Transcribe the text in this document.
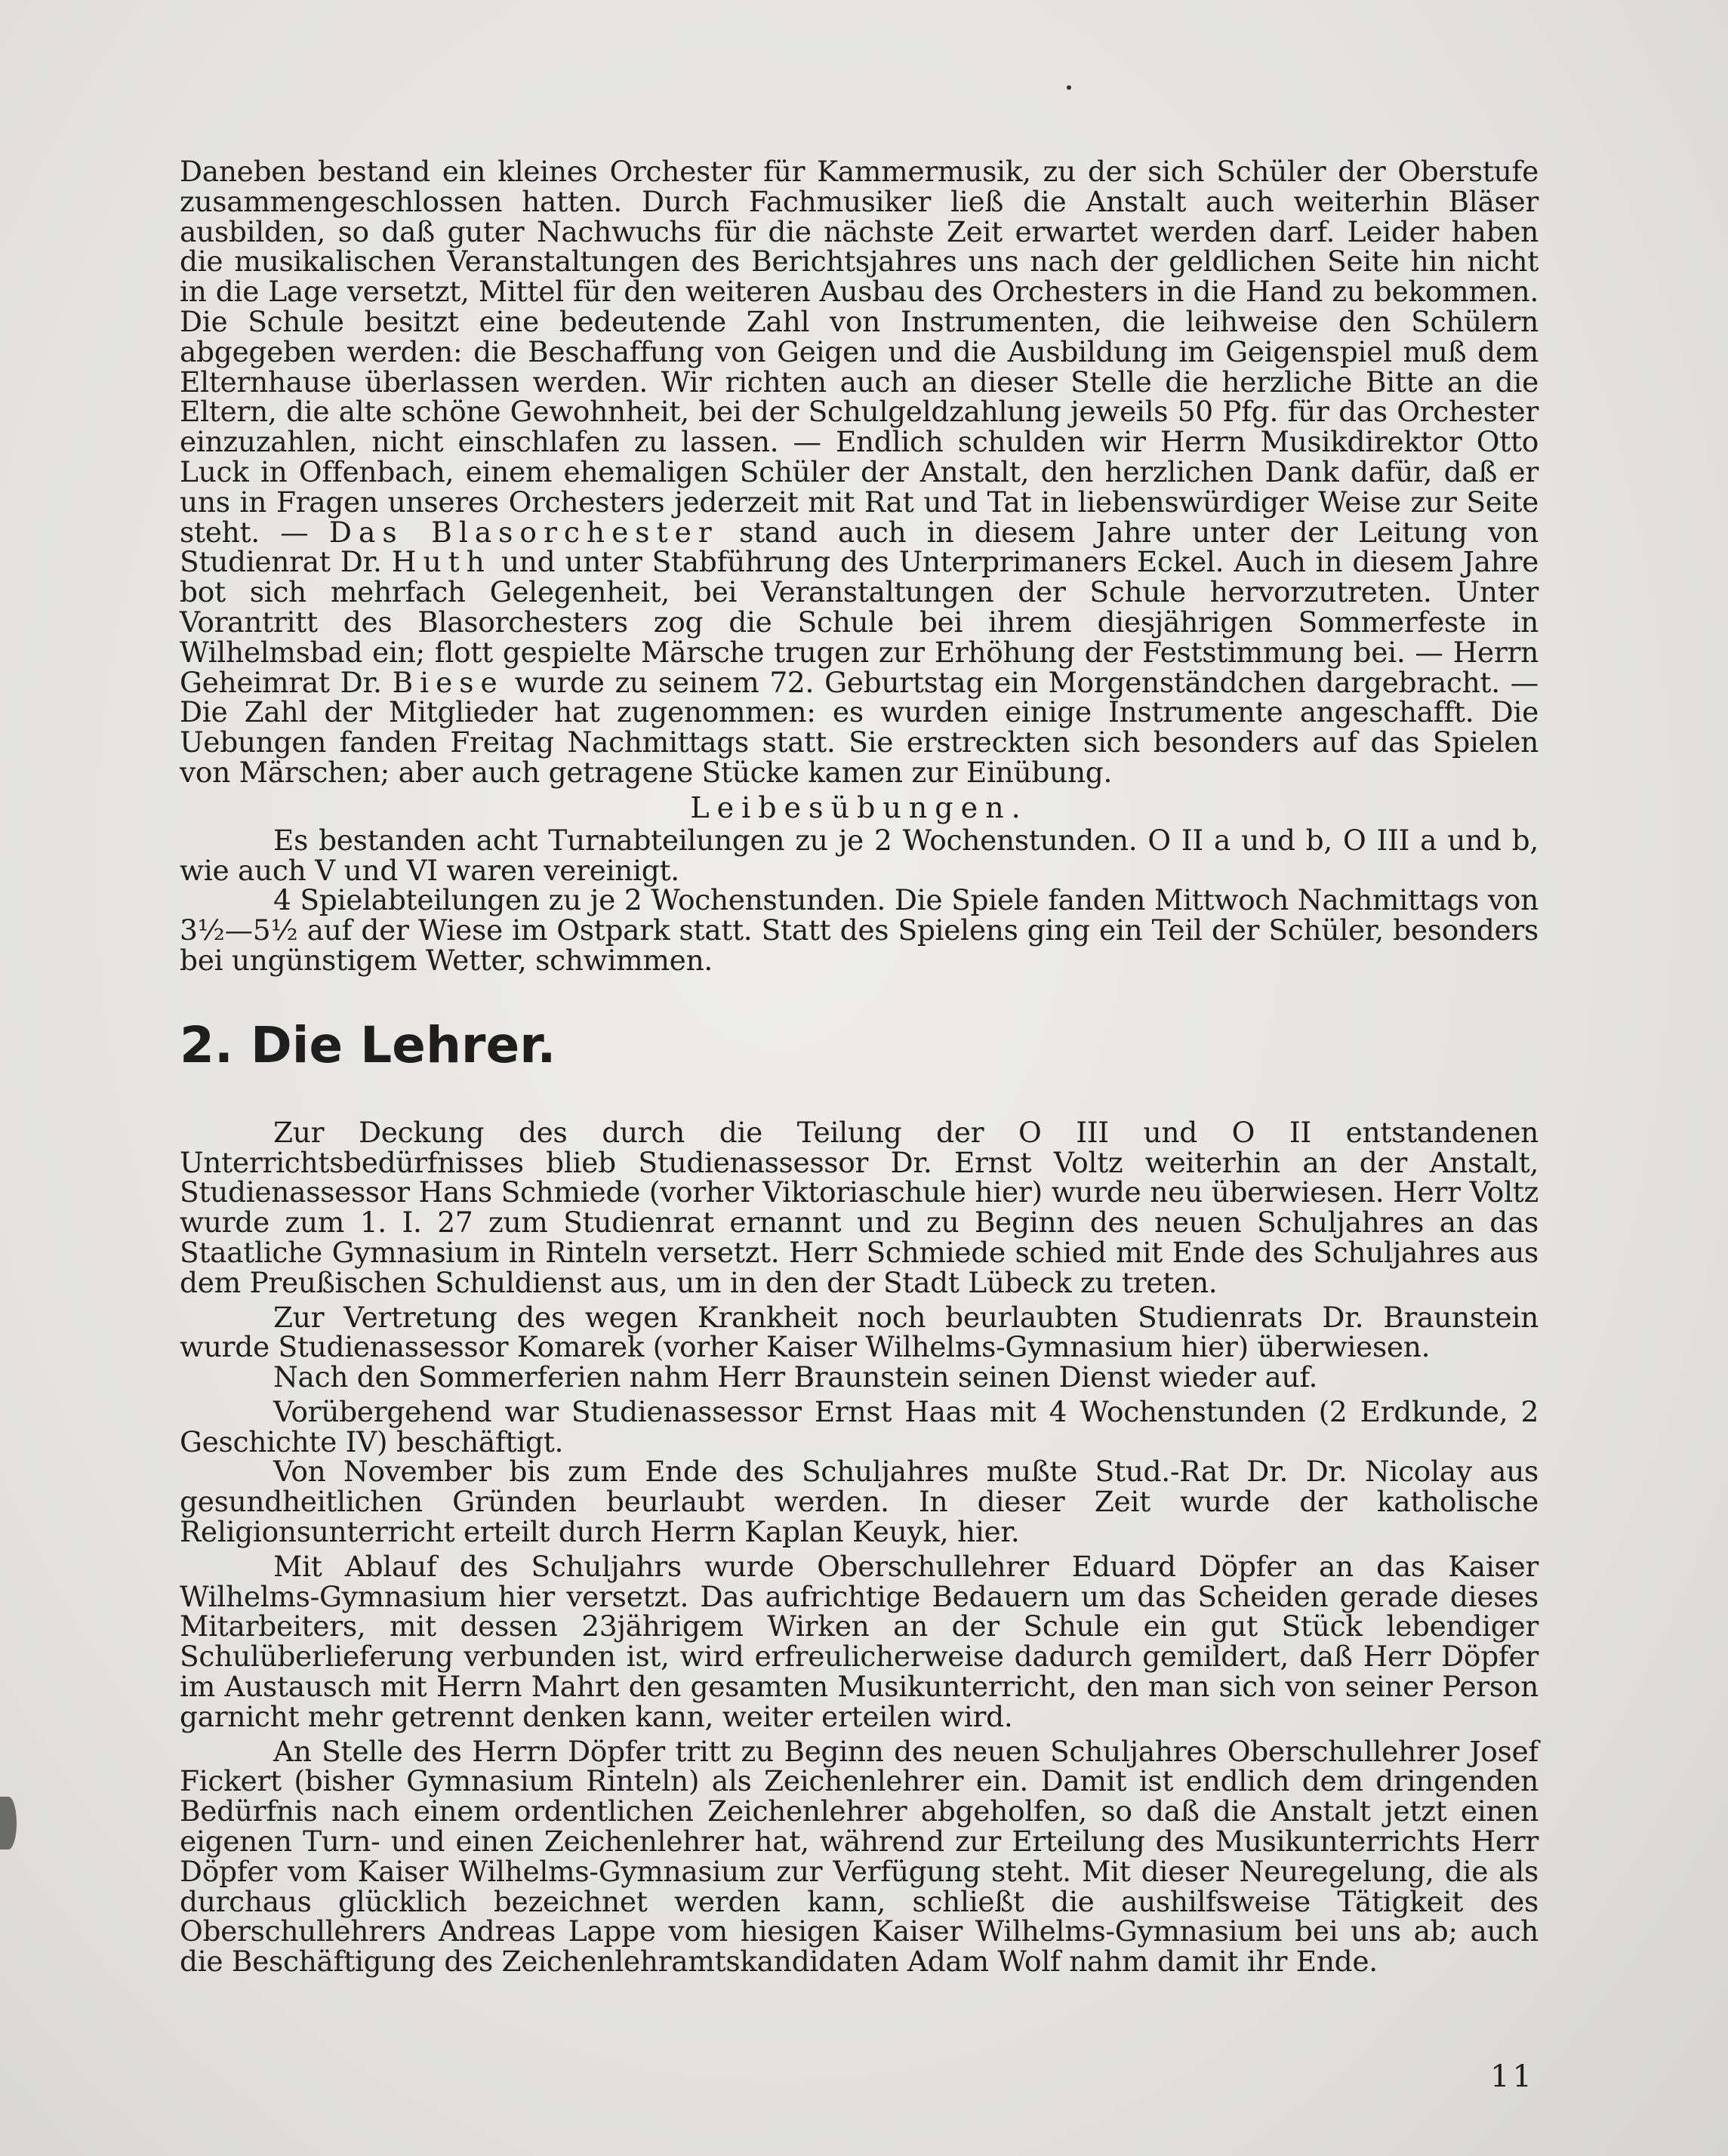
Daneben bestand ein kleines Orchester für Kammermusik, zu der sich Schüler der Oberstufe zusammengeschlossen hatten. Durch Fachmusiker ließ die Anstalt auch weiterhin Bläser ausbilden, so daß guter Nachwuchs für die nächste Zeit erwartet werden darf. Leider haben die musikalischen Veranstaltungen des Berichtsjahres uns nach der geldlichen Seite hin nicht in die Lage versetzt, Mittel für den weiteren Ausbau des Orchesters in die Hand zu bekommen. Die Schule besitzt eine bedeutende Zahl von Instrumenten, die leihweise den Schülern abgegeben werden: die Beschaffung von Geigen und die Ausbildung im Geigenspiel muß dem Elternhause überlassen werden. Wir richten auch an dieser Stelle die herzliche Bitte an die Eltern, die alte schöne Gewohnheit, bei der Schulgeldzahlung jeweils 50 Pfg. für das Orchester einzuzahlen, nicht einschlafen zu lassen. — Endlich schulden wir Herrn Musikdirektor Otto Luck in Offenbach, einem ehemaligen Schüler der Anstalt, den herzlichen Dank dafür, daß er uns in Fragen unseres Orchesters jederzeit mit Rat und Tat in liebenswürdiger Weise zur Seite steht. — Das Blasorchester stand auch in diesem Jahre unter der Leitung von Studienrat Dr. Huth und unter Stabführung des Unterprimaners Eckel. Auch in diesem Jahre bot sich mehrfach Gelegenheit, bei Veranstaltungen der Schule hervorzutreten. Unter Vorantritt des Blasorchesters zog die Schule bei ihrem diesjährigen Sommerfeste in Wilhelmsbad ein; flott gespielte Märsche trugen zur Erhöhung der Feststimmung bei. — Herrn Geheimrat Dr. Biese wurde zu seinem 72. Geburtstag ein Morgenständchen dargebracht. — Die Zahl der Mitglieder hat zugenommen: es wurden einige Instrumente angeschafft. Die Uebungen fanden Freitag Nachmittags statt. Sie erstreckten sich besonders auf das Spielen von Märschen; aber auch getragene Stücke kamen zur Einübung.

Leibesübungen.

Es bestanden acht Turnabteilungen zu je 2 Wochenstunden. O II a und b, O III a und b, wie auch V und VI waren vereinigt.

4 Spielabteilungen zu je 2 Wochenstunden. Die Spiele fanden Mittwoch Nachmittags von 3½—5½ auf der Wiese im Ostpark statt. Statt des Spielens ging ein Teil der Schüler, besonders bei ungünstigem Wetter, schwimmen.

2. Die Lehrer.

Zur Deckung des durch die Teilung der O III und O II entstandenen Unterrichtsbedürfnisses blieb Studienassessor Dr. Ernst Voltz weiterhin an der Anstalt, Studienassessor Hans Schmiede (vorher Viktoriaschule hier) wurde neu überwiesen. Herr Voltz wurde zum 1. I. 27 zum Studienrat ernannt und zu Beginn des neuen Schuljahres an das Staatliche Gymnasium in Rinteln versetzt. Herr Schmiede schied mit Ende des Schuljahres aus dem Preußischen Schuldienst aus, um in den der Stadt Lübeck zu treten.

Zur Vertretung des wegen Krankheit noch beurlaubten Studienrats Dr. Braunstein wurde Studienassessor Komarek (vorher Kaiser Wilhelms-Gymnasium hier) überwiesen.

Nach den Sommerferien nahm Herr Braunstein seinen Dienst wieder auf.

Vorübergehend war Studienassessor Ernst Haas mit 4 Wochenstunden (2 Erdkunde, 2 Geschichte IV) beschäftigt.

Von November bis zum Ende des Schuljahres mußte Stud.-Rat Dr. Dr. Nicolay aus gesundheitlichen Gründen beurlaubt werden. In dieser Zeit wurde der katholische Religionsunterricht erteilt durch Herrn Kaplan Keuyk, hier.

Mit Ablauf des Schuljahrs wurde Oberschullehrer Eduard Döpfer an das Kaiser Wilhelms-Gymnasium hier versetzt. Das aufrichtige Bedauern um das Scheiden gerade dieses Mitarbeiters, mit dessen 23jährigem Wirken an der Schule ein gut Stück lebendiger Schulüberlieferung verbunden ist, wird erfreulicherweise dadurch gemildert, daß Herr Döpfer im Austausch mit Herrn Mahrt den gesamten Musikunterricht, den man sich von seiner Person garnicht mehr getrennt denken kann, weiter erteilen wird.

An Stelle des Herrn Döpfer tritt zu Beginn des neuen Schuljahres Oberschullehrer Josef Fickert (bisher Gymnasium Rinteln) als Zeichenlehrer ein. Damit ist endlich dem dringenden Bedürfnis nach einem ordentlichen Zeichenlehrer abgeholfen, so daß die Anstalt jetzt einen eigenen Turn- und einen Zeichenlehrer hat, während zur Erteilung des Musikunterrichts Herr Döpfer vom Kaiser Wilhelms-Gymnasium zur Verfügung steht. Mit dieser Neuregelung, die als durchaus glücklich bezeichnet werden kann, schließt die aushilfsweise Tätigkeit des Oberschullehrers Andreas Lappe vom hiesigen Kaiser Wilhelms-Gymnasium bei uns ab; auch die Beschäftigung des Zeichenlehramtskandidaten Adam Wolf nahm damit ihr Ende.

11
